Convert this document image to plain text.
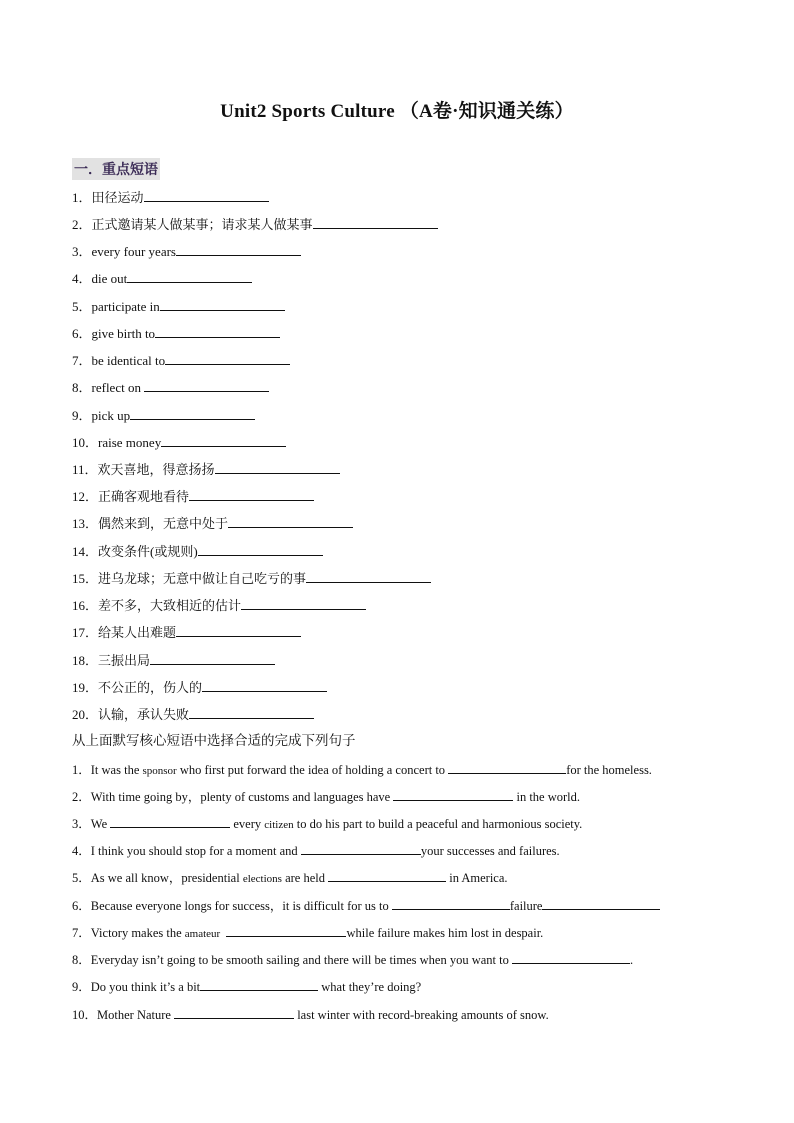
Unit2 Sports Culture （A卷·知识通关练）
一．重点短语
1．田径运动
2．正式邀请某人做某事；请求某人做某事
3．every four years
4．die out
5．participate in
6．give birth to
7．be identical to
8．reflect on
9．pick up
10．raise money
11．欢天喜地，得意扬扬
12．正确客观地看待
13．偶然来到，无意中处于
14．改变条件(或规则)
15．进乌龙球；无意中做让自己吃亏的事
16．差不多，大致相近的估计
17．给某人出难题
18．三振出局
19．不公正的，伤人的
20．认输，承认失败
从上面默写核心短语中选择合适的完成下列句子
1．It was the sponsor who first put forward the idea of holding a concert to	for the homeless.
2．With time going by，plenty of customs and languages have	in the world.
3．We	every citizen to do his part to build a peaceful and harmonious society.
4．I think you should stop for a moment and	your successes and failures.
5．As we all know，presidential elections are held	in America.
6．Because everyone longs for success，it is difficult for us to	failure
7．Victory makes the amateur	while failure makes him lost in despair.
8．Everyday isn’t going to be smooth sailing and there will be times when you want to	.
9．Do you think it’s a bit	what they’re doing?
10．Mother Nature	last winter with record-breaking amounts of snow.
